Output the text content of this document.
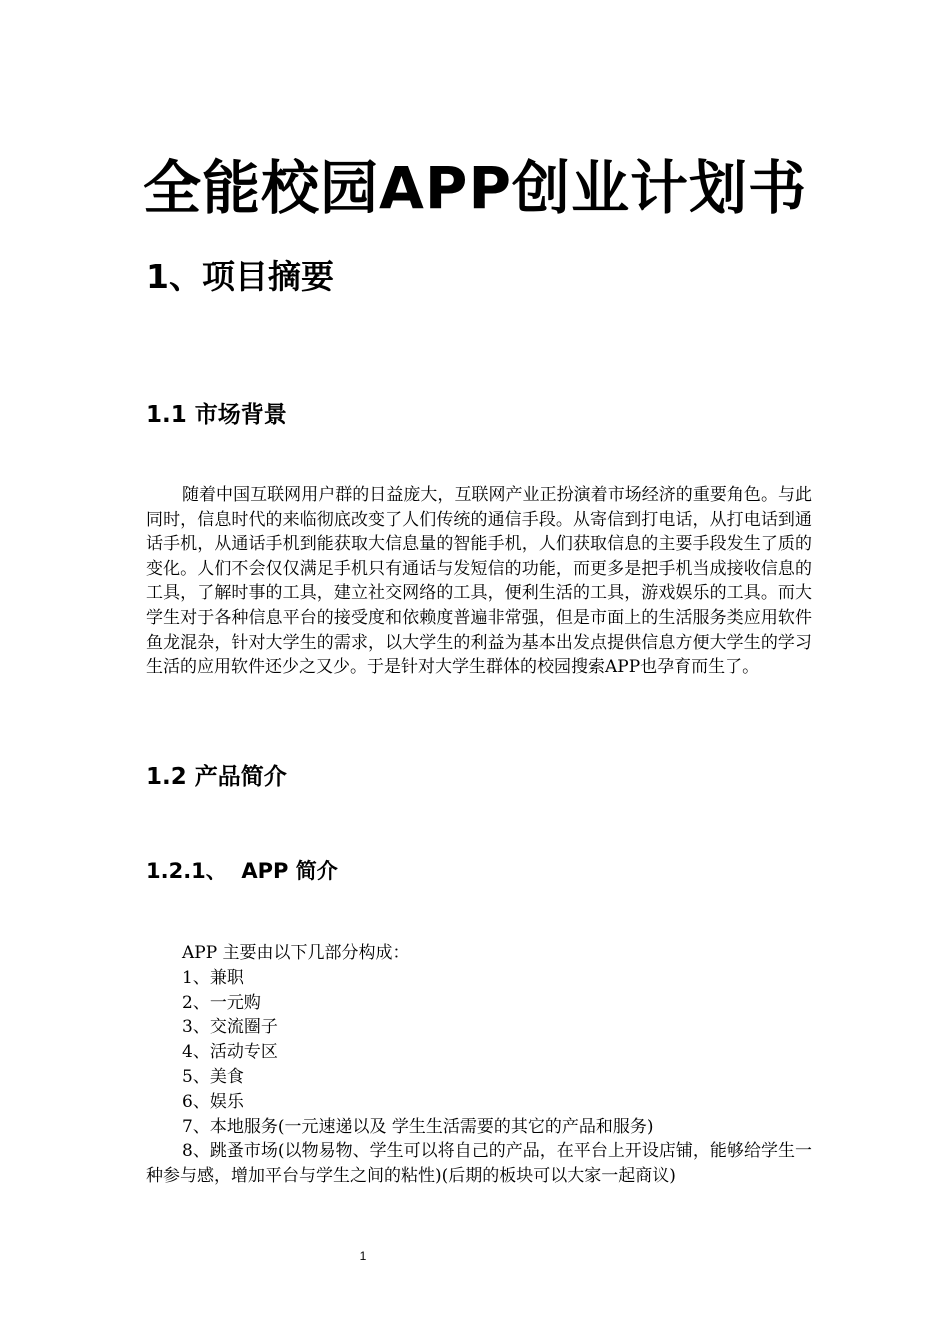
全能校园APP创业计划书
1、项目摘要
1.1 市场背景

随着中国互联网用户群的日益庞大，互联网产业正扮演着市场经济的重要角色。与此同时，信息时代的来临彻底改变了人们传统的通信手段。从寄信到打电话，从打电话到通话手机，从通话手机到能获取大信息量的智能手机，人们获取信息的主要手段发生了质的变化。人们不会仅仅满足手机只有通话与发短信的功能，而更多是把手机当成接收信息的工具，了解时事的工具，建立社交网络的工具，便利生活的工具，游戏娱乐的工具。而大学生对于各种信息平台的接受度和依赖度普遍非常强，但是市面上的生活服务类应用软件鱼龙混杂，针对大学生的需求，以大学生的利益为基本出发点提供信息方便大学生的学习生活的应用软件还少之又少。于是针对大学生群体的校园搜索APP也孕育而生了。

1.2 产品简介
1.2.1、  APP 简介

APP 主要由以下几部分构成：

1、兼职

2、一元购

3、交流圈子

4、活动专区

5、美食

6、娱乐

7、本地服务(一元速递以及 学生生活需要的其它的产品和服务)

8、跳蚤市场(以物易物、学生可以将自己的产品，在平台上开设店铺，能够给学生一种参与感，增加平台与学生之间的粘性)(后期的板块可以大家一起商议)

1
